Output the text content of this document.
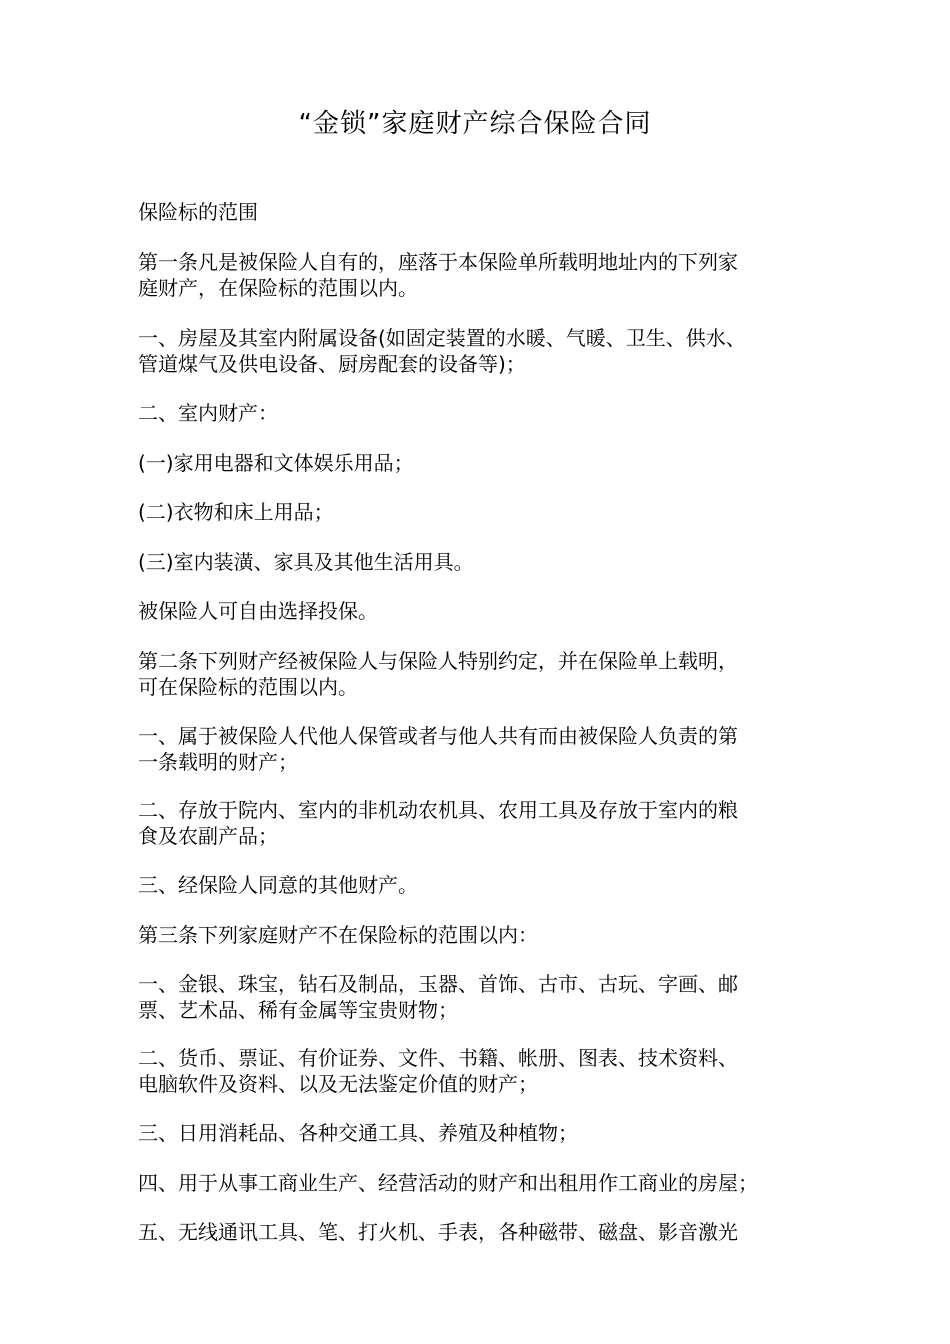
“金锁”家庭财产综合保险合同

保险标的范围

第一条凡是被保险人自有的，座落于本保险单所载明地址内的下列家
庭财产，在保险标的范围以内。

一、房屋及其室内附属设备(如固定装置的水暖、气暖、卫生、供水、
管道煤气及供电设备、厨房配套的设备等)；

二、室内财产：

(一)家用电器和文体娱乐用品；

(二)衣物和床上用品；

(三)室内装潢、家具及其他生活用具。

被保险人可自由选择投保。

第二条下列财产经被保险人与保险人特别约定，并在保险单上载明，
可在保险标的范围以内。

一、属于被保险人代他人保管或者与他人共有而由被保险人负责的第
一条载明的财产；

二、存放于院内、室内的非机动农机具、农用工具及存放于室内的粮
食及农副产品；

三、经保险人同意的其他财产。

第三条下列家庭财产不在保险标的范围以内：

一、金银、珠宝，钻石及制品，玉器、首饰、古市、古玩、字画、邮
票、艺术品、稀有金属等宝贵财物；

二、货币、票证、有价证券、文件、书籍、帐册、图表、技术资料、
电脑软件及资料、以及无法鉴定价值的财产；

三、日用消耗品、各种交通工具、养殖及种植物；

四、用于从事工商业生产、经营活动的财产和出租用作工商业的房屋；

五、无线通讯工具、笔、打火机、手表，各种磁带、磁盘、影音激光
